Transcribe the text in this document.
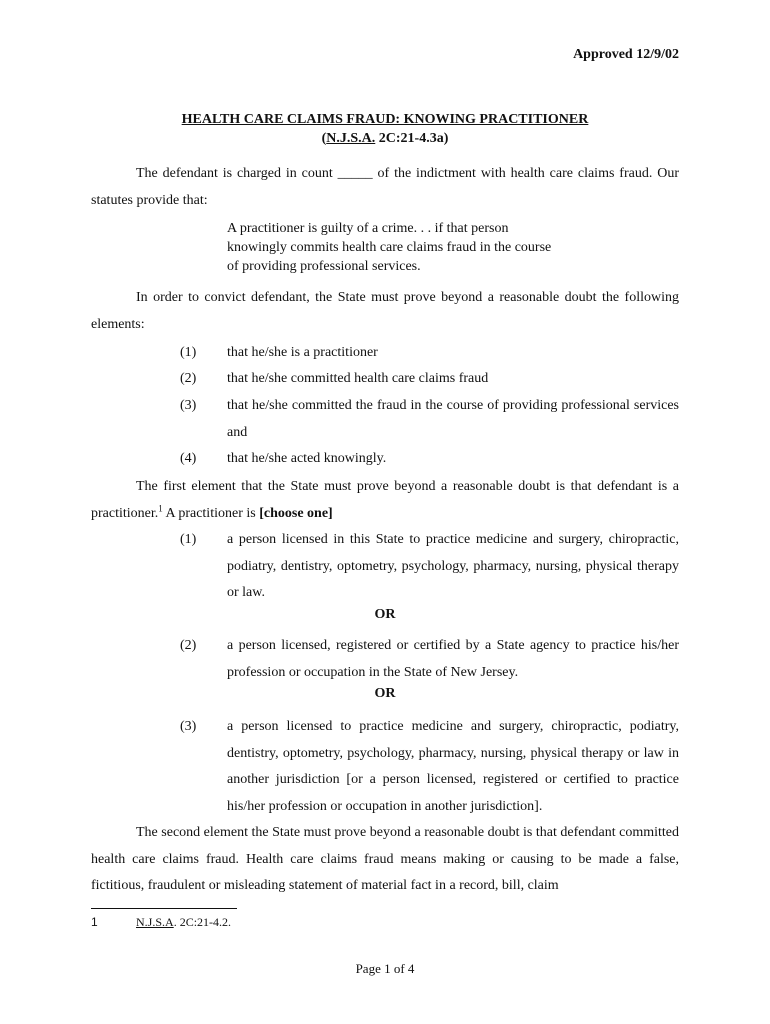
Approved 12/9/02
HEALTH CARE CLAIMS FRAUD: KNOWING PRACTITIONER
(N.J.S.A. 2C:21-4.3a)
The defendant is charged in count _____ of the indictment with health care claims fraud. Our statutes provide that:
A practitioner is guilty of a crime. . . if that person knowingly commits health care claims fraud in the course of providing professional services.
In order to convict defendant, the State must prove beyond a reasonable doubt the following elements:
(1) that he/she is a practitioner
(2) that he/she committed health care claims fraud
(3) that he/she committed the fraud in the course of providing professional services and
(4) that he/she acted knowingly.
The first element that the State must prove beyond a reasonable doubt is that defendant is a practitioner.$^1$ A practitioner is [choose one]
(1) a person licensed in this State to practice medicine and surgery, chiropractic, podiatry, dentistry, optometry, psychology, pharmacy, nursing, physical therapy or law.
OR
(2) a person licensed, registered or certified by a State agency to practice his/her profession or occupation in the State of New Jersey.
OR
(3) a person licensed to practice medicine and surgery, chiropractic, podiatry, dentistry, optometry, psychology, pharmacy, nursing, physical therapy or law in another jurisdiction [or a person licensed, registered or certified to practice his/her profession or occupation in another jurisdiction].
The second element the State must prove beyond a reasonable doubt is that defendant committed health care claims fraud. Health care claims fraud means making or causing to be made a false, fictitious, fraudulent or misleading statement of material fact in a record, bill, claim
1	N.J.S.A. 2C:21-4.2.
Page 1 of 4
